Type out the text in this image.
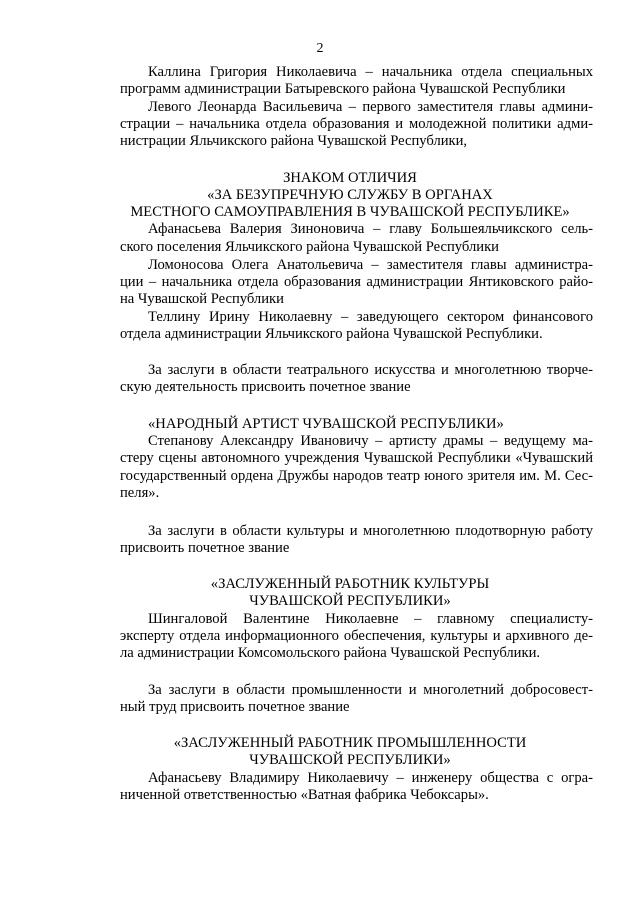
2
Каллина Григория Николаевича – начальника отдела специальных
программ администрации Батыревского района Чувашской Республики
Левого Леонарда Васильевича – первого заместителя главы админи-
страции – начальника отдела образования и молодежной политики адми-
нистрации Яльчикского района Чувашской Республики,
ЗНАКОМ ОТЛИЧИЯ
«ЗА БЕЗУПРЕЧНУЮ СЛУЖБУ В ОРГАНАХ
МЕСТНОГО САМОУПРАВЛЕНИЯ В ЧУВАШСКОЙ РЕСПУБЛИКЕ»
Афанасьева Валерия Зиноновича – главу Большеяльчикского сель-
ского поселения Яльчикского района Чувашской Республики
Ломоносова Олега Анатольевича – заместителя главы администра-
ции – начальника отдела образования администрации Янтиковского райо-
на Чувашской Республики
Теллину Ирину Николаевну – заведующего сектором финансового
отдела администрации Яльчикского района Чувашской Республики.
За заслуги в области театрального искусства и многолетнюю творче-
скую деятельность присвоить почетное звание
«НАРОДНЫЙ АРТИСТ ЧУВАШСКОЙ РЕСПУБЛИКИ»
Степанову Александру Ивановичу – артисту драмы – ведущему ма-
стеру сцены автономного учреждения Чувашской Республики «Чувашский
государственный ордена Дружбы народов театр юного зрителя им. М. Сес-
пеля».
За заслуги в области культуры и многолетнюю плодотворную работу
присвоить почетное звание
«ЗАСЛУЖЕННЫЙ РАБОТНИК КУЛЬТУРЫ
ЧУВАШСКОЙ РЕСПУБЛИКИ»
Шингаловой Валентине Николаевне – главному специалисту-
эксперту отдела информационного обеспечения, культуры и архивного де-
ла администрации Комсомольского района Чувашской Республики.
За заслуги в области промышленности и многолетний добросовест-
ный труд присвоить почетное звание
«ЗАСЛУЖЕННЫЙ РАБОТНИК ПРОМЫШЛЕННОСТИ
ЧУВАШСКОЙ РЕСПУБЛИКИ»
Афанасьеву Владимиру Николаевичу – инженеру общества с огра-
ниченной ответственностью «Ватная фабрика Чебоксары».
